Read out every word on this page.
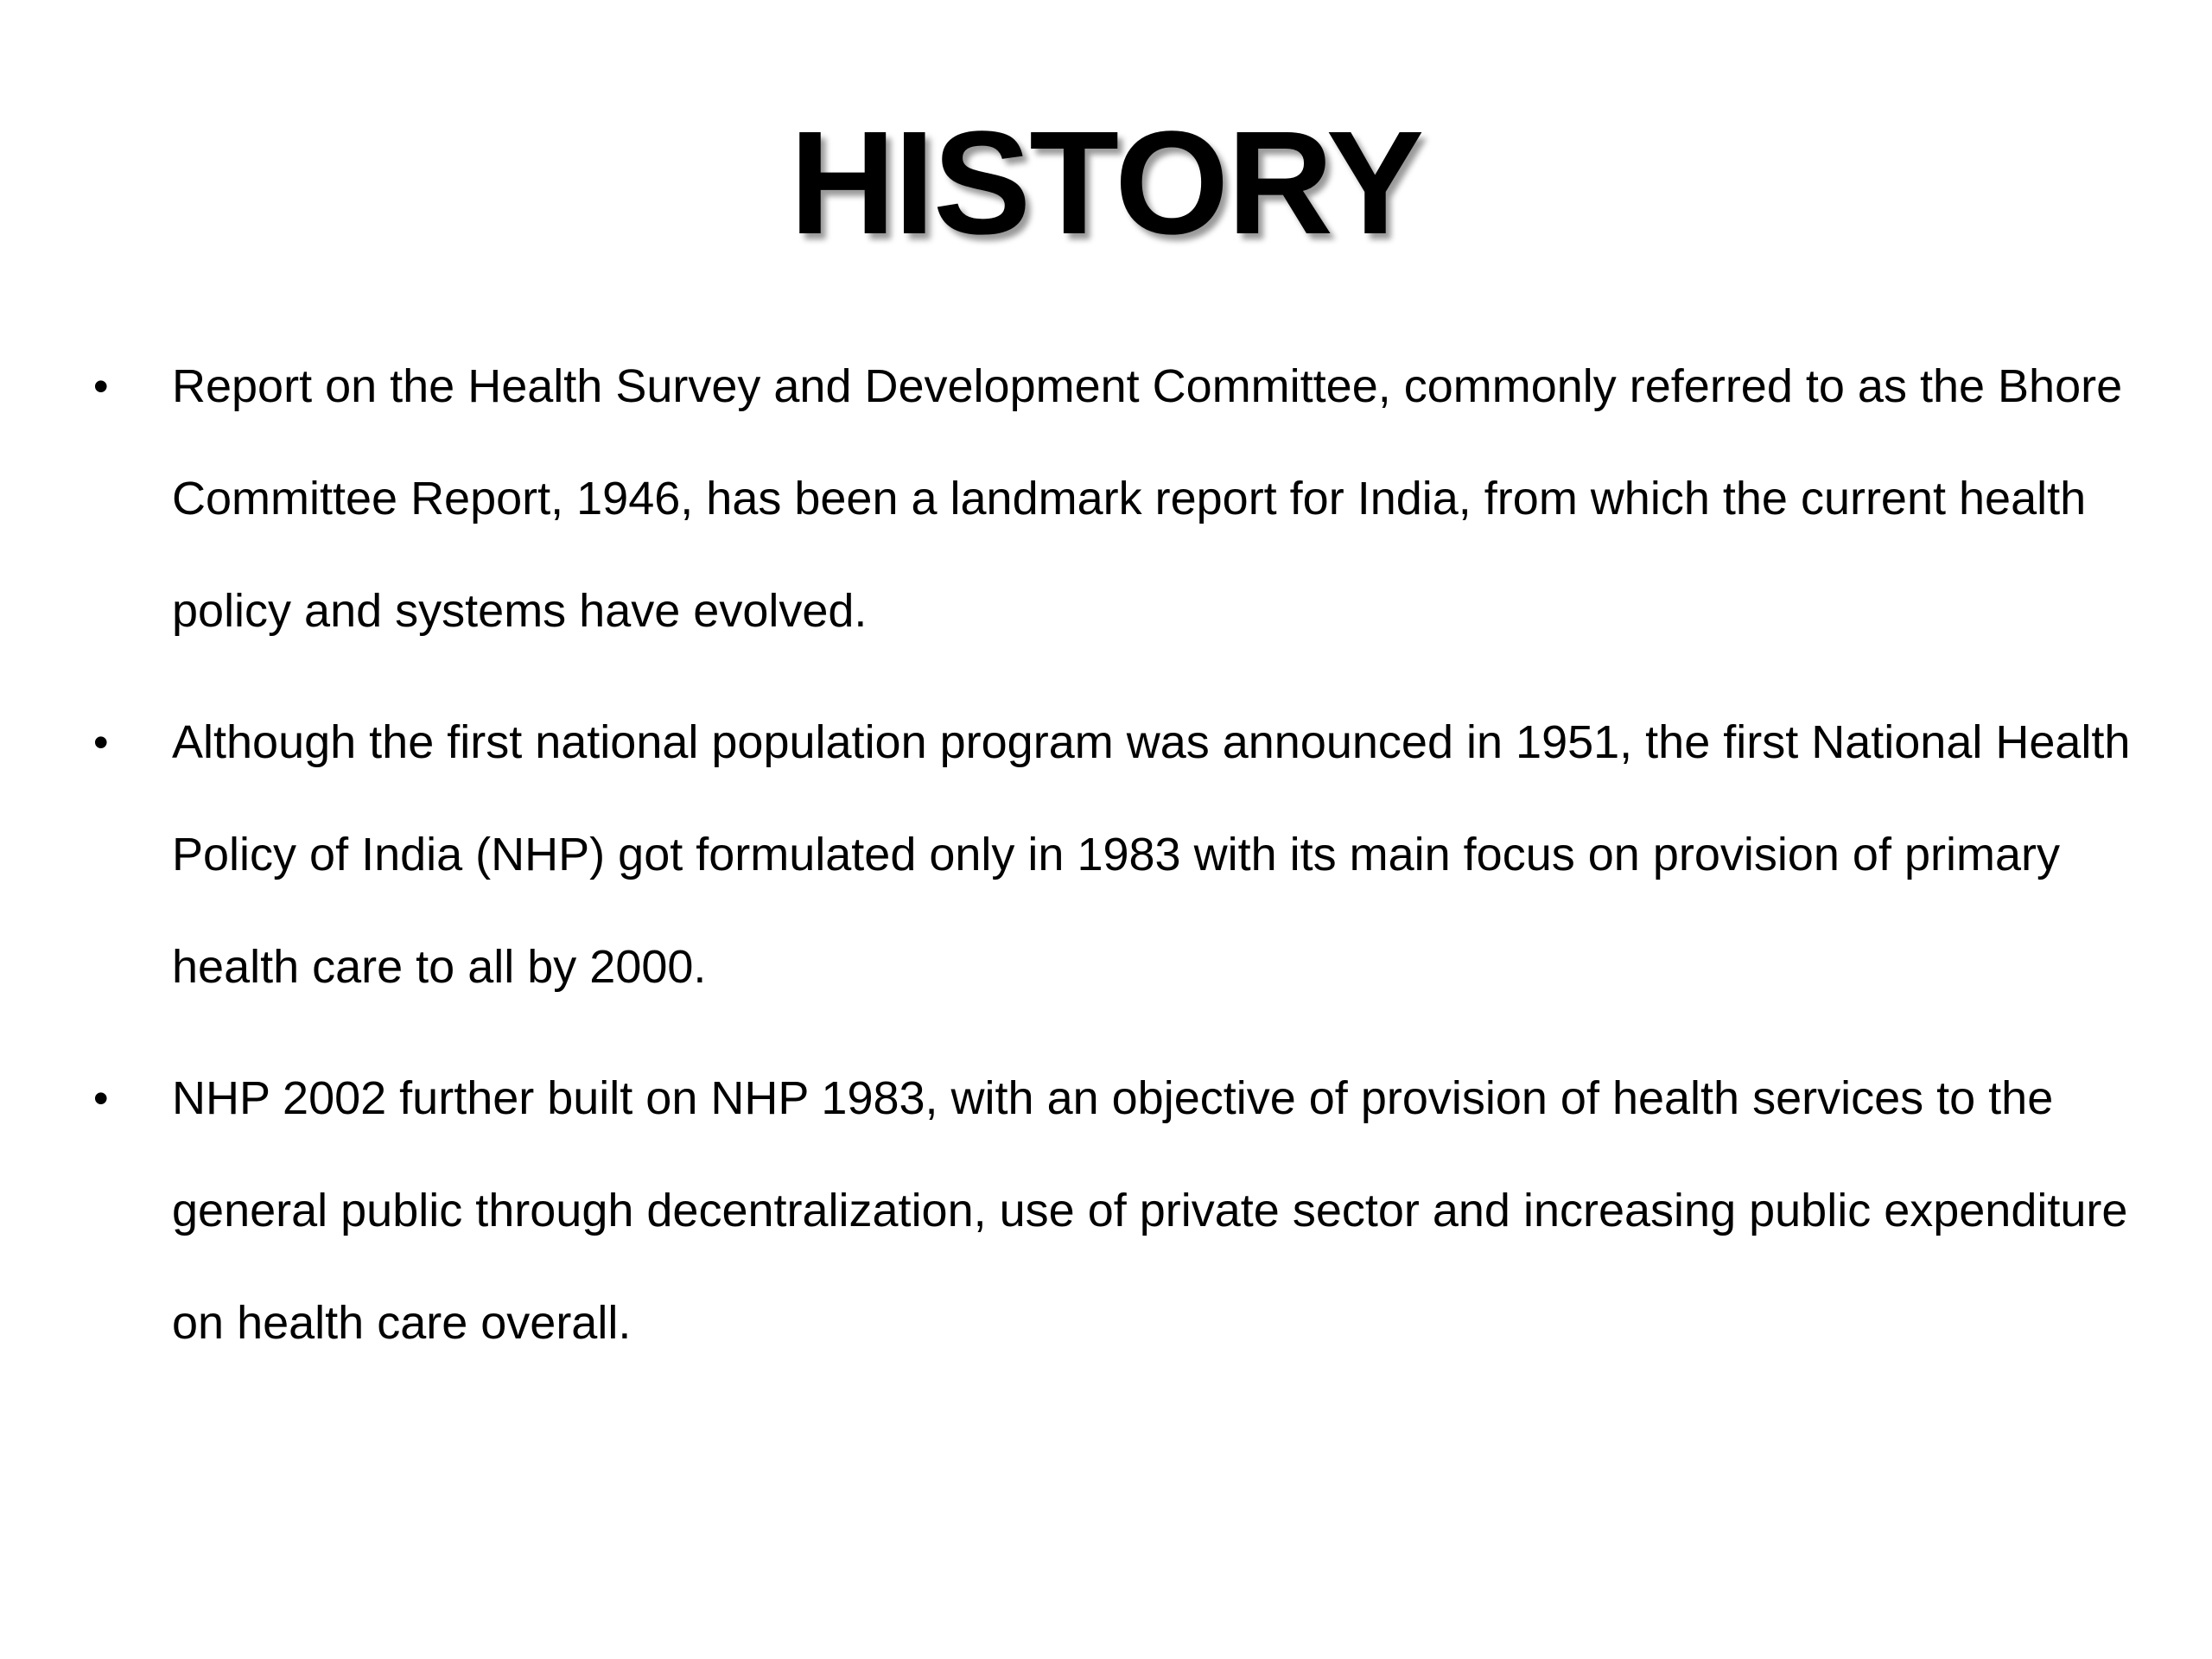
HISTORY
•	Report on the Health Survey and Development Committee, commonly referred to as the Bhore Committee Report, 1946, has been a landmark report for India, from which the current health policy and systems have evolved.
•	Although the first national population program was announced in 1951, the first National Health Policy of India (NHP) got formulated only in 1983 with its main focus on provision of primary health care to all by 2000.
•	NHP 2002 further built on NHP 1983, with an objective of provision of health services to the general public through decentralization, use of private sector and increasing public expenditure on health care overall.
